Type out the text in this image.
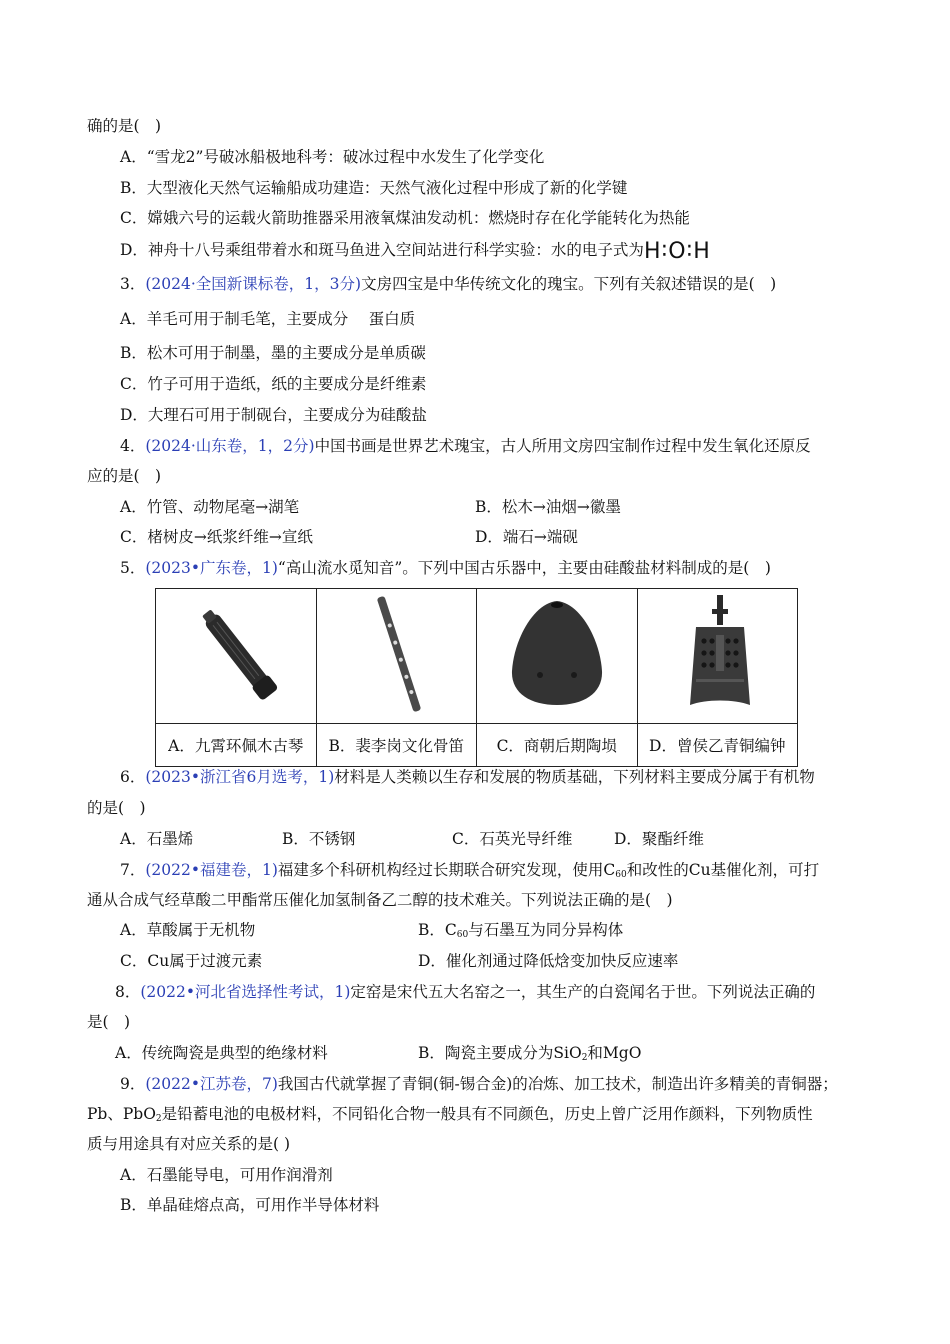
确的是(　)
A．“雪龙2”号破冰船极地科考：破冰过程中水发生了化学变化
B．大型液化天然气运输船成功建造：天然气液化过程中形成了新的化学键
C．嫦娥六号的运载火箭助推器采用液氧煤油发动机：燃烧时存在化学能转化为热能
D．神舟十八号乘组带着水和斑马鱼进入空间站进行科学实验：水的电子式为H∶O∶H
3．(2024·全国新课标卷，1，3分)文房四宝是中华传统文化的瑰宝。下列有关叙述错误的是(　)
A．羊毛可用于制毛笔，主要成分　 蛋白质
B．松木可用于制墨，墨的主要成分是单质碳
C．竹子可用于造纸，纸的主要成分是纤维素
D．大理石可用于制砚台，主要成分为硅酸盐
4．(2024·山东卷，1，2分)中国书画是世界艺术瑰宝，古人所用文房四宝制作过程中发生氧化还原反
应的是(　)
A．竹管、动物尾毫→湖笔	B．松木→油烟→徽墨
C．楮树皮→纸浆纤维→宣纸	D．端石→端砚
5．(2023•广东卷，1)“高山流水觅知音”。下列中国古乐器中，主要由硅酸盐材料制成的是(　)

A．九霄环佩木古琴	B．裴李岗文化骨笛	C．商朝后期陶埙	D．曾侯乙青铜编钟
6．(2023•浙江省6月选考，1)材料是人类赖以生存和发展的物质基础，下列材料主要成分属于有机物
的是(　)
A．石墨烯	B．不锈钢	C．石英光导纤维	D．聚酯纤维
7．(2022•福建卷，1)福建多个科研机构经过长期联合研究发现，使用$C_{60}$和改性的Cu基催化剂，可打
通从合成气经草酸二甲酯常压催化加氢制备乙二醇的技术难关。下列说法正确的是(　)
A．草酸属于无机物	B．$C_{60}$与石墨互为同分异构体
C．Cu属于过渡元素	D．催化剂通过降低焓变加快反应速率
8．(2022•河北省选择性考试，1)定窑是宋代五大名窑之一，其生产的白瓷闻名于世。下列说法正确的
是(　)
A．传统陶瓷是典型的绝缘材料	B．陶瓷主要成分为SiO$_2$和MgO
9．(2022•江苏卷，7)我国古代就掌握了青铜(铜-锡合金)的冶炼、加工技术，制造出许多精美的青铜器；
Pb、PbO$_2$是铅蓄电池的电极材料，不同铅化合物一般具有不同颜色，历史上曾广泛用作颜料，下列物质性
质与用途具有对应关系的是( )
A．石墨能导电，可用作润滑剂
B．单晶硅熔点高，可用作半导体材料
